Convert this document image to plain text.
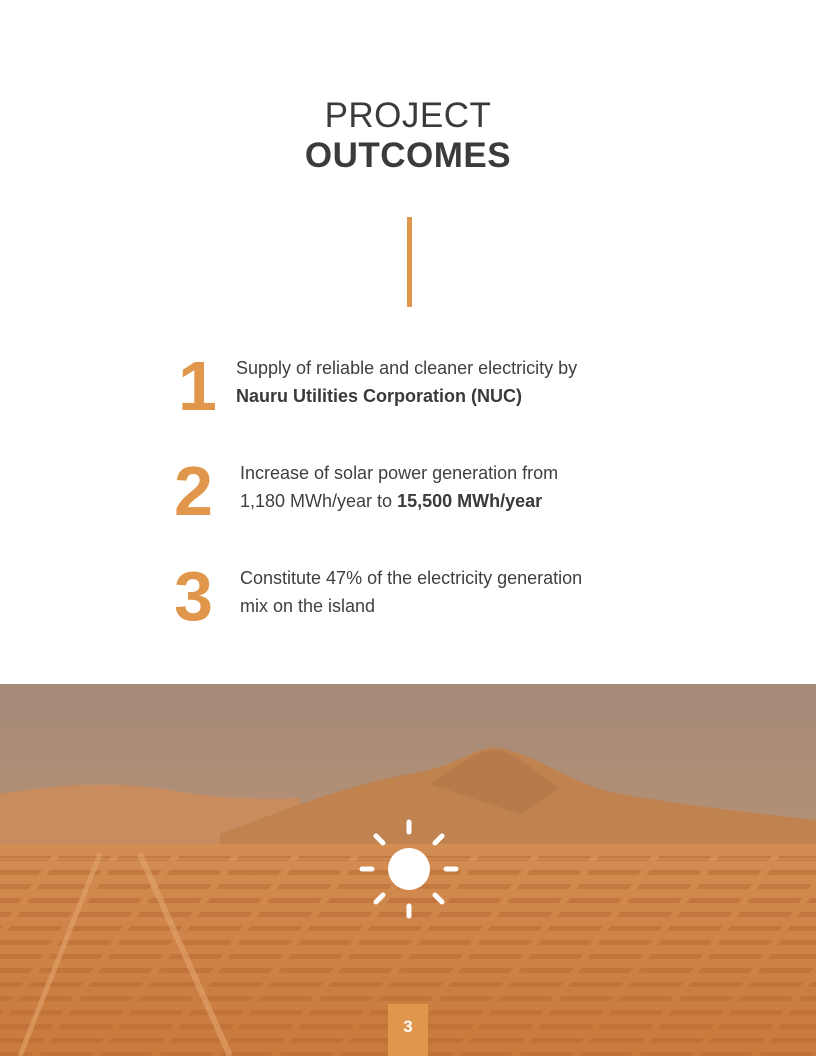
PROJECT
OUTCOMES
1 Supply of reliable and cleaner electricity by
Nauru Utilities Corporation (NUC)
2 Increase of solar power generation from
1,180 MWh/year to 15,500 MWh/year
3 Constitute 47% of the electricity generation
mix on the island
3
